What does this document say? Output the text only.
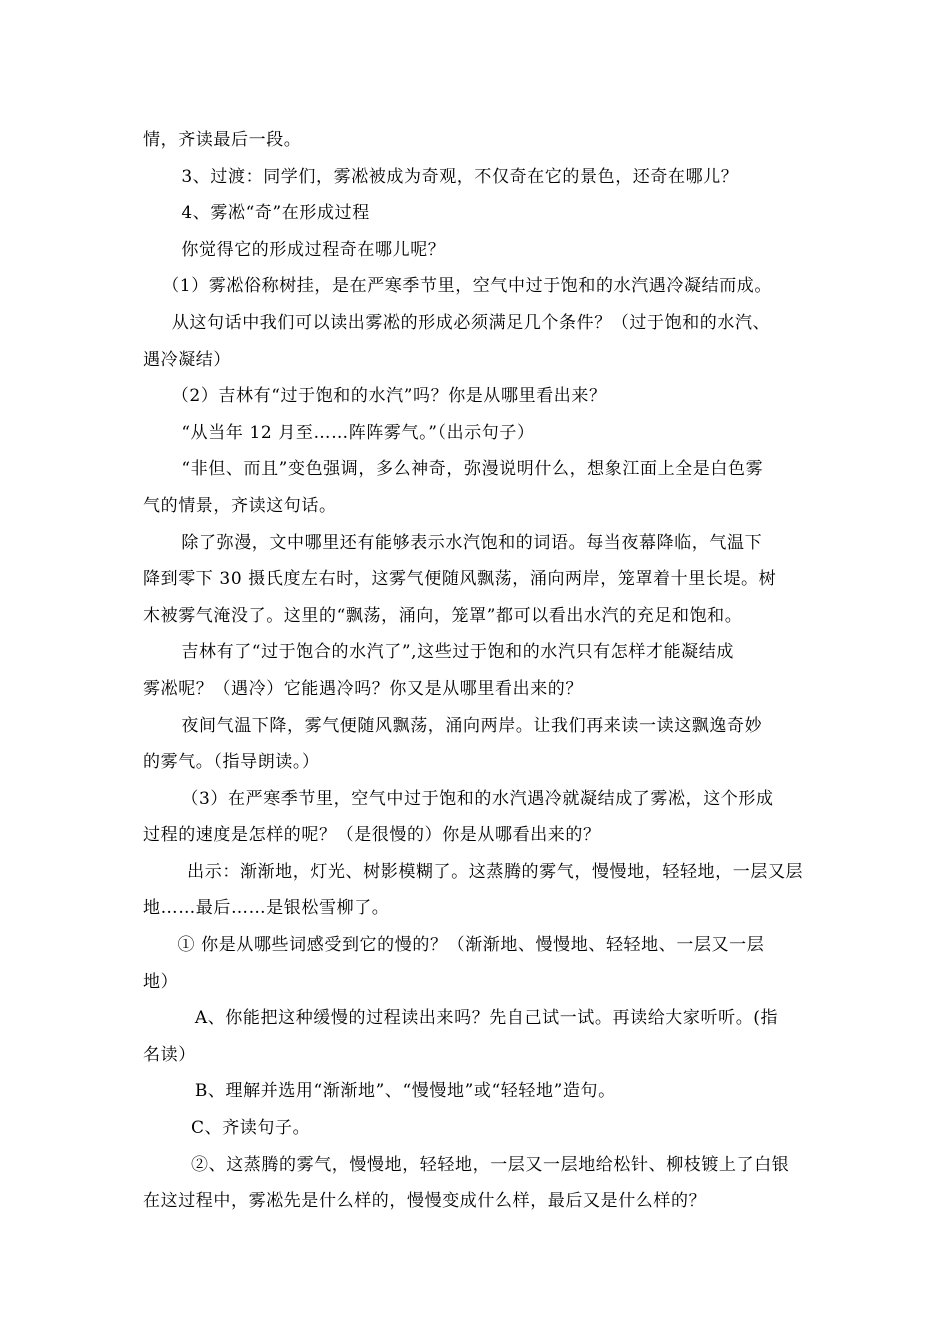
情，齐读最后一段。
3、过渡：同学们，雾凇被成为奇观，不仅奇在它的景色，还奇在哪儿？
4、雾凇“奇”在形成过程
你觉得它的形成过程奇在哪儿呢？
（1）雾凇俗称树挂，是在严寒季节里，空气中过于饱和的水汽遇冷凝结而成。
从这句话中我们可以读出雾凇的形成必须满足几个条件？（过于饱和的水汽、
遇冷凝结）
（2）吉林有“过于饱和的水汽”吗？你是从哪里看出来？
“从当年 12 月至……阵阵雾气。”（出示句子）
“非但、而且”变色强调，多么神奇，弥漫说明什么，想象江面上全是白色雾
气的情景，齐读这句话。
除了弥漫，文中哪里还有能够表示水汽饱和的词语。每当夜幕降临，气温下
降到零下 30 摄氏度左右时，这雾气便随风飘荡，涌向两岸，笼罩着十里长堤。树
木被雾气淹没了。这里的“飘荡，涌向，笼罩”都可以看出水汽的充足和饱和。
吉林有了“过于饱合的水汽了”,这些过于饱和的水汽只有怎样才能凝结成
雾凇呢？（遇冷）它能遇冷吗？你又是从哪里看出来的？
夜间气温下降，雾气便随风飘荡，涌向两岸。让我们再来读一读这飘逸奇妙
的雾气。（指导朗读。）
（3）在严寒季节里，空气中过于饱和的水汽遇冷就凝结成了雾凇，这个形成
过程的速度是怎样的呢？（是很慢的）你是从哪看出来的？
出示：渐渐地，灯光、树影模糊了。这蒸腾的雾气，慢慢地，轻轻地，一层又层
地……最后……是银松雪柳了。
① 你是从哪些词感受到它的慢的？（渐渐地、慢慢地、轻轻地、一层又一层
地）
A、你能把这种缓慢的过程读出来吗？先自己试一试。再读给大家听听。(指
名读）
B、理解并选用“渐渐地”、“慢慢地”或“轻轻地”造句。
C、齐读句子。
②、这蒸腾的雾气，慢慢地，轻轻地，一层又一层地给松针、柳枝镀上了白银
在这过程中，雾凇先是什么样的，慢慢变成什么样，最后又是什么样的？
